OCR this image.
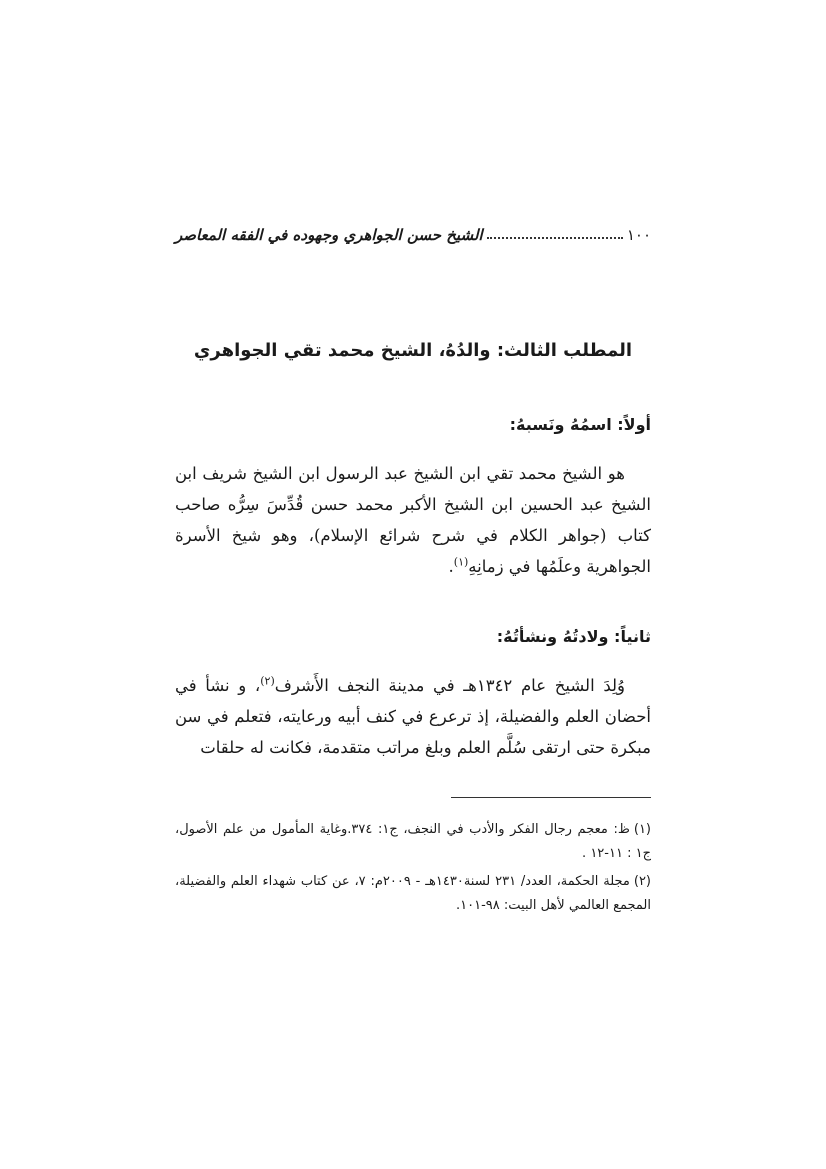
١٠٠
الشيخ حسن الجواهري وجهوده في الفقه المعاصر
المطلب الثالث: والدُهُ، الشيخ محمد تقي الجواهري
أولاً: اسمُهُ ونَسبهُ:
هو الشيخ محمد تقي ابن الشيخ عبد الرسول ابن الشيخ شريف ابن الشيخ عبد الحسين ابن الشيخ الأكبر محمد حسن قُدِّسَ سِرُّه صاحب كتاب (جواهر الكلام في شرح شرائع الإسلام)، وهو شيخ الأسرة الجواهرية وعلَمُها في زمانِهِ$^{(١)}$.
ثانياً: ولادتُهُ ونشأتُهُ:
وُلِدَ الشيخ عام ١٣٤٢هـ في مدينة النجف الأَشرف$^{(٢)}$، و نشأ في أحضان العلم والفضيلة، إذ ترعرع في كنف أبيه ورعايته، فتعلم في سن مبكرة حتى ارتقى سُلَّم العلم وبلغ مراتب متقدمة، فكانت له حلقات
(١)ظ: معجم رجال الفكر والأدب في النجف، ج١: ٣٧٤.وغاية المأمول من علم الأصول، ج١ : ١١-١٢ .
(٢)مجلة الحكمة، العدد/ ٢٣١ لسنة١٤٣٠هـ - ٢٠٠٩م: ٧، عن كتاب شهداء العلم والفضيلة، المجمع العالمي لأهل البيت: ٩٨-١٠١.
